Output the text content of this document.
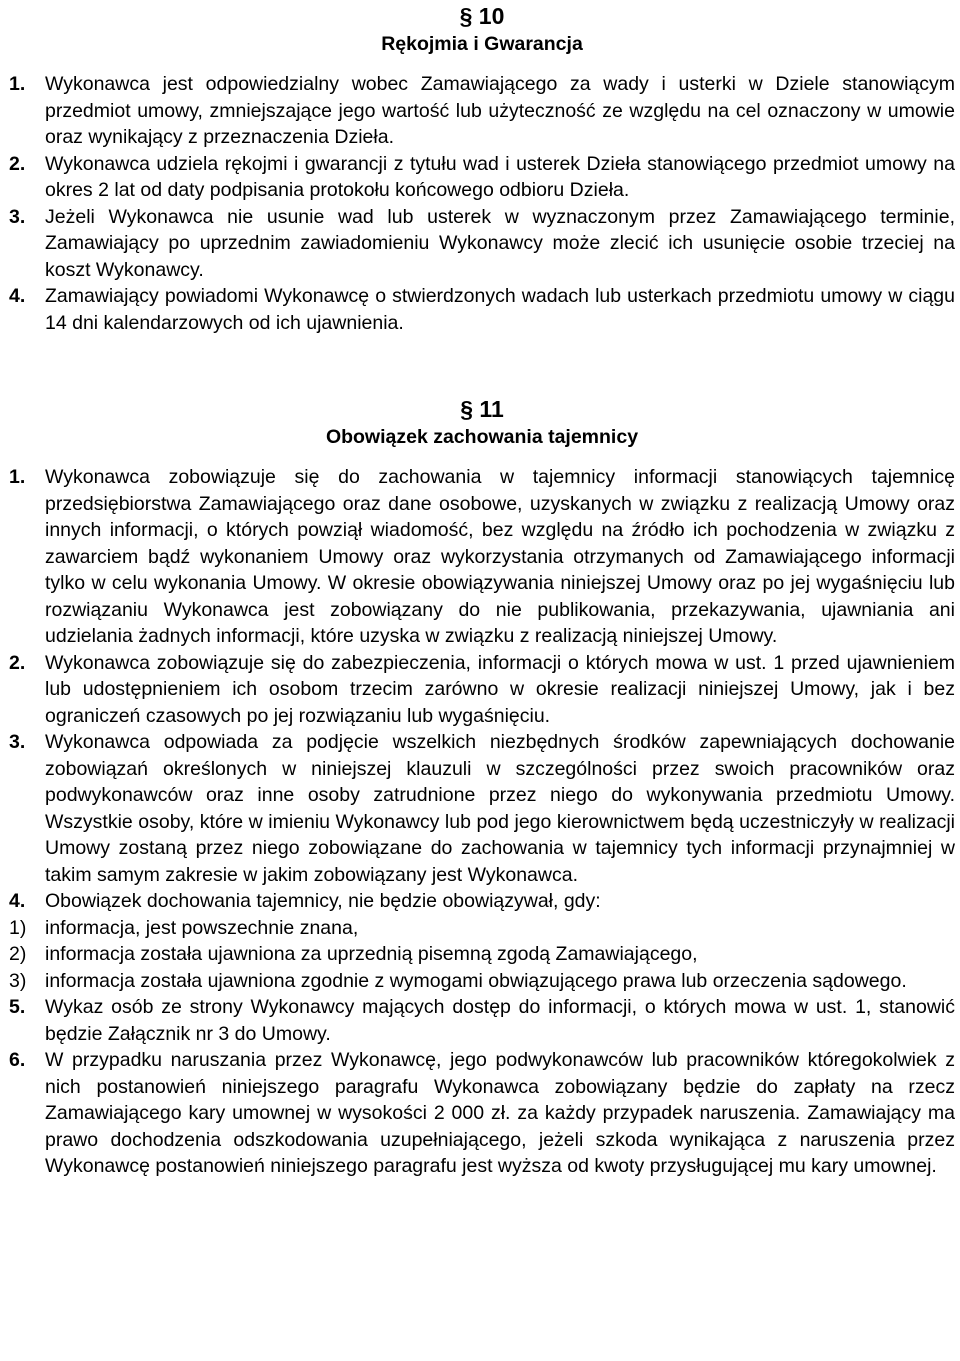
§ 10
Rękojmia i Gwarancja
1.	Wykonawca jest odpowiedzialny wobec Zamawiającego za wady i usterki w Dziele stanowiącym przedmiot umowy, zmniejszające jego wartość lub użyteczność ze względu na cel oznaczony w umowie oraz wynikający z przeznaczenia Dzieła.
2.	Wykonawca udziela rękojmi i gwarancji z tytułu wad i usterek Dzieła stanowiącego przedmiot umowy na okres 2 lat od daty podpisania protokołu końcowego odbioru Dzieła.
3.	Jeżeli Wykonawca nie usunie wad lub usterek w wyznaczonym przez Zamawiającego terminie, Zamawiający po uprzednim zawiadomieniu Wykonawcy może zlecić ich usunięcie osobie trzeciej na koszt Wykonawcy.
4.	Zamawiający powiadomi Wykonawcę o stwierdzonych wadach lub usterkach przedmiotu umowy w ciągu 14 dni kalendarzowych od ich ujawnienia.
§ 11
Obowiązek zachowania tajemnicy
1.	Wykonawca zobowiązuje się do zachowania w tajemnicy informacji stanowiących tajemnicę przedsiębiorstwa Zamawiającego oraz dane osobowe, uzyskanych w związku z realizacją Umowy oraz innych informacji, o których powziął wiadomość, bez względu na źródło ich pochodzenia w związku z zawarciem bądź wykonaniem Umowy oraz wykorzystania otrzymanych od Zamawiającego informacji tylko w celu wykonania Umowy. W okresie obowiązywania niniejszej Umowy oraz po jej wygaśnięciu lub rozwiązaniu Wykonawca jest zobowiązany do nie publikowania, przekazywania, ujawniania ani udzielania żadnych informacji, które uzyska w związku z realizacją niniejszej Umowy.
2.	Wykonawca zobowiązuje się do zabezpieczenia, informacji o których mowa w ust. 1 przed ujawnieniem lub udostępnieniem ich osobom trzecim zarówno w okresie realizacji niniejszej Umowy, jak i bez ograniczeń czasowych po jej rozwiązaniu lub wygaśnięciu.
3.	Wykonawca odpowiada za podjęcie wszelkich niezbędnych środków zapewniających dochowanie zobowiązań określonych w niniejszej klauzuli w szczególności przez swoich pracowników oraz podwykonawców oraz inne osoby zatrudnione przez niego do wykonywania przedmiotu Umowy. Wszystkie osoby, które w imieniu Wykonawcy lub pod jego kierownictwem będą uczestniczyły w realizacji Umowy zostaną przez niego zobowiązane do zachowania w tajemnicy tych informacji przynajmniej w takim samym zakresie w jakim zobowiązany jest Wykonawca.
4.	Obowiązek dochowania tajemnicy, nie będzie obowiązywał, gdy:
1) informacja, jest powszechnie znana,
2) informacja została ujawniona za uprzednią pisemną zgodą Zamawiającego,
3) informacja została ujawniona zgodnie z wymogami obwiązującego prawa lub orzeczenia sądowego.
5.	Wykaz osób ze strony Wykonawcy mających dostęp do informacji, o których mowa w ust. 1, stanowić będzie Załącznik nr 3 do Umowy.
6.	W przypadku naruszania przez Wykonawcę, jego podwykonawców lub pracowników któregokolwiek z nich postanowień niniejszego paragrafu Wykonawca zobowiązany będzie do zapłaty na rzecz Zamawiającego kary umownej w wysokości 2 000 zł. za każdy przypadek naruszenia. Zamawiający ma prawo dochodzenia odszkodowania uzupełniającego, jeżeli szkoda wynikająca z naruszenia przez Wykonawcę postanowień niniejszego paragrafu jest wyższa od kwoty przysługującej mu kary umownej.
